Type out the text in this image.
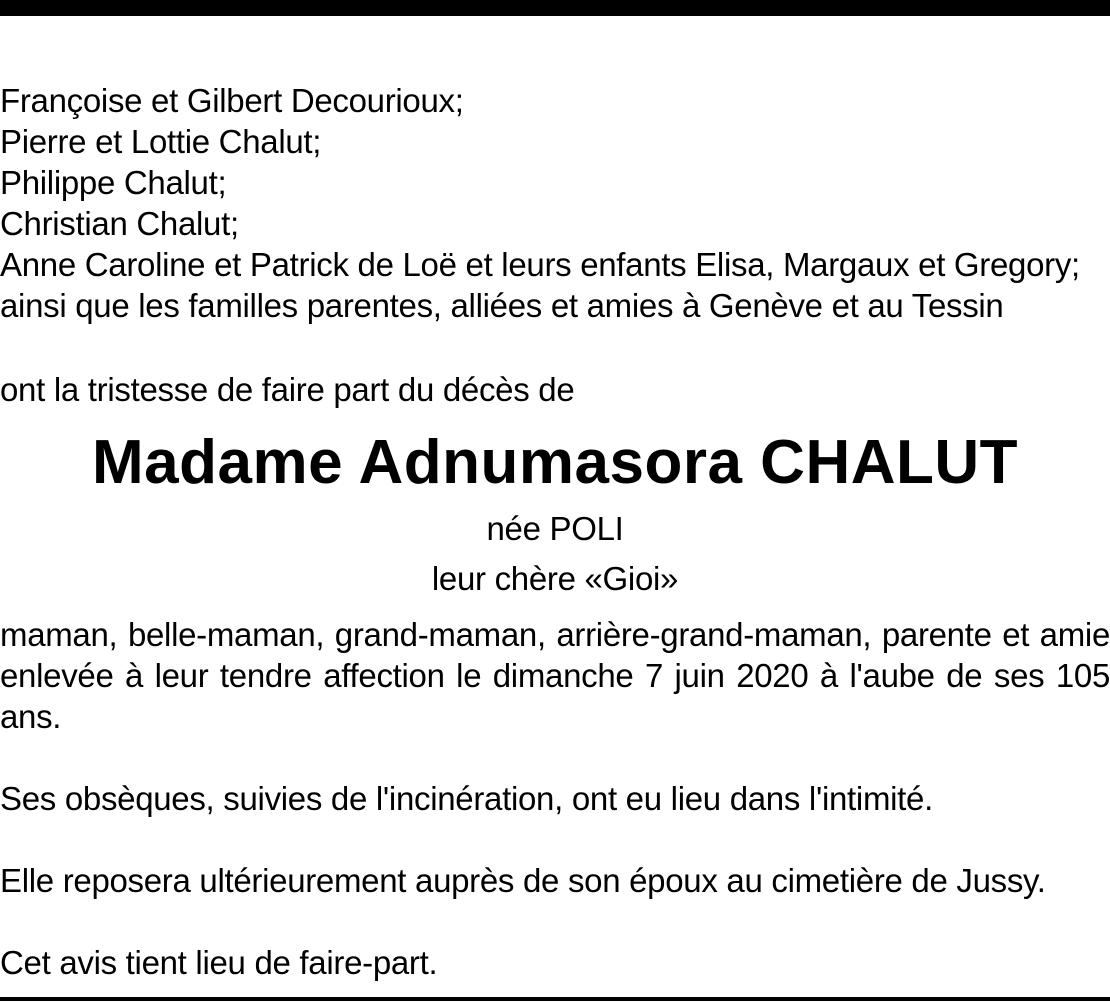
Françoise et Gilbert Decourioux;
Pierre et Lottie Chalut;
Philippe Chalut;
Christian Chalut;
Anne Caroline et Patrick de Loë et leurs enfants Elisa, Margaux et Gregory;
ainsi que les familles parentes, alliées et amies à Genève et au Tessin

ont la tristesse de faire part du décès de

Madame Adnumasora CHALUT

née POLI

leur chère «Gioi»

maman, belle-maman, grand-maman, arrière-grand-maman, parente et amie enlevée à leur tendre affection le dimanche 7 juin 2020 à l'aube de ses 105 ans.

Ses obsèques, suivies de l'incinération, ont eu lieu dans l'intimité.

Elle reposera ultérieurement auprès de son époux au cimetière de Jussy.

Cet avis tient lieu de faire-part.
